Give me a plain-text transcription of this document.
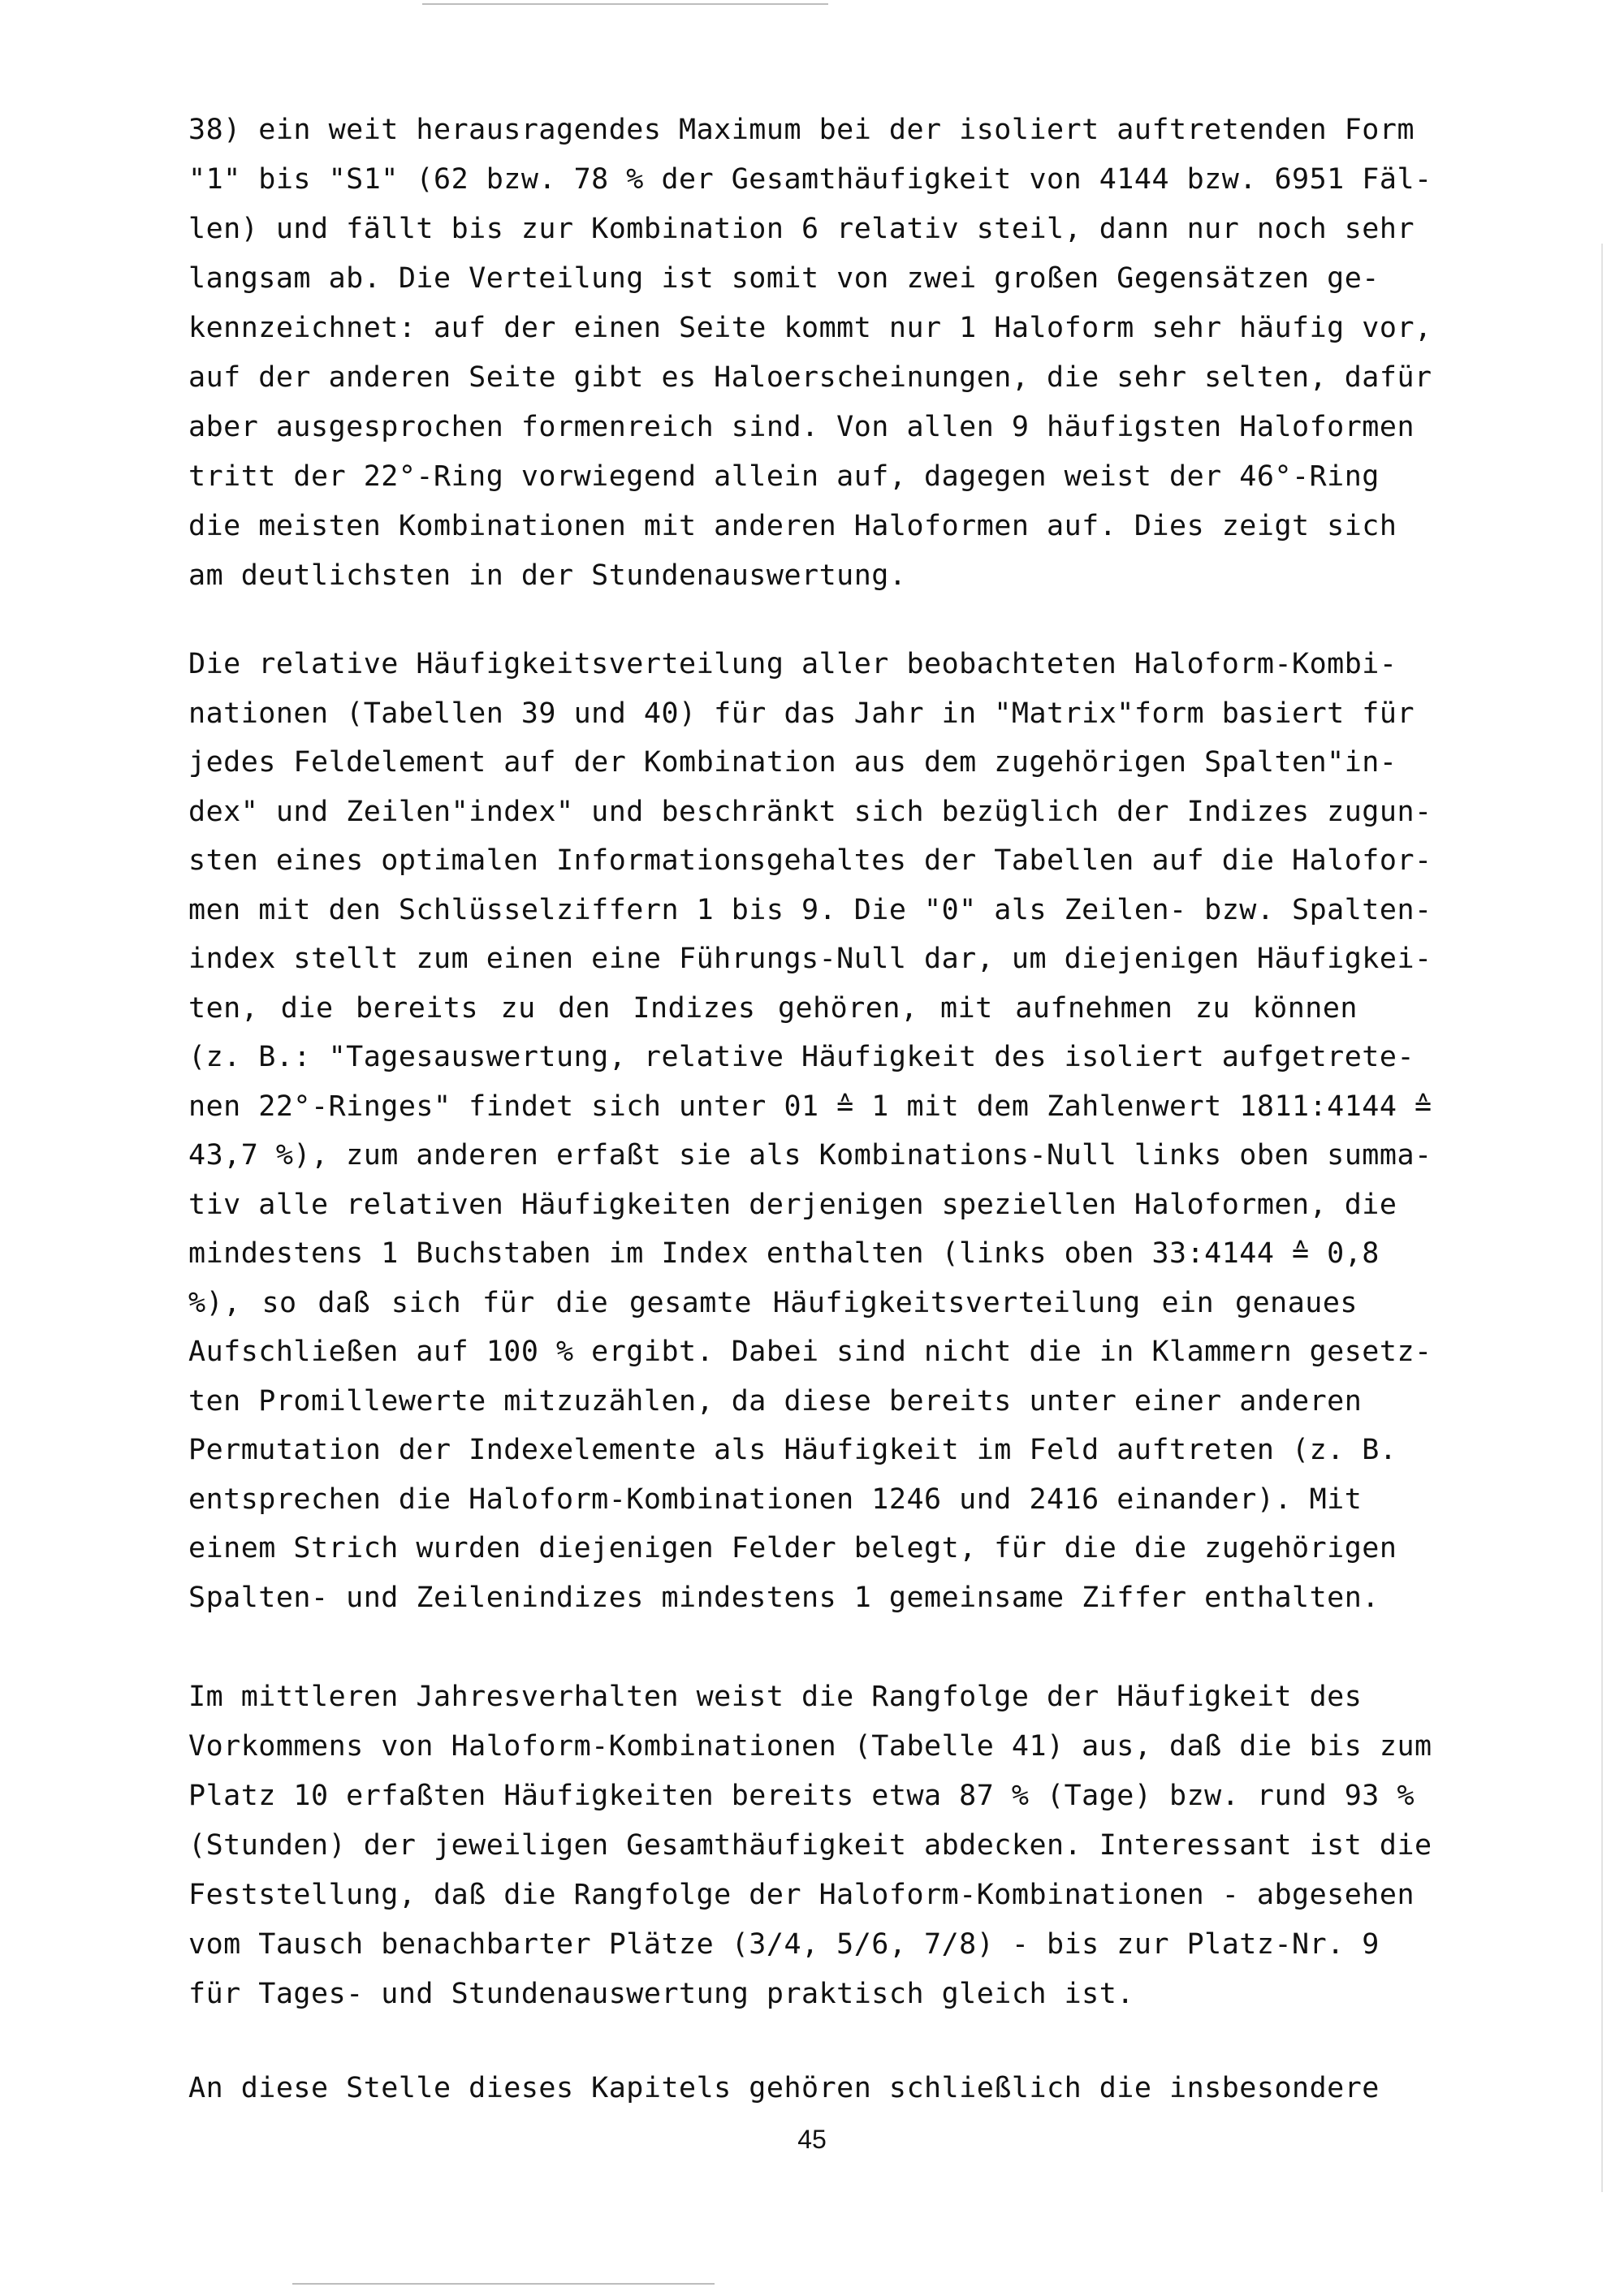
38) ein weit herausragendes Maximum bei der isoliert auftretenden Form
"1" bis "S1" (62 bzw. 78 % der Gesamthäufigkeit von 4144 bzw. 6951 Fäl-
len) und fällt bis zur Kombination 6 relativ steil, dann nur noch sehr
langsam ab. Die Verteilung ist somit von zwei großen Gegensätzen ge-
kennzeichnet: auf der einen Seite kommt nur 1 Haloform sehr häufig vor,
auf der anderen Seite gibt es Haloerscheinungen, die sehr selten, dafür
aber ausgesprochen formenreich sind. Von allen 9 häufigsten Haloformen
tritt der 22°-Ring vorwiegend allein auf, dagegen weist der 46°-Ring
die meisten Kombinationen mit anderen Haloformen auf. Dies zeigt sich
am deutlichsten in der Stundenauswertung.
Die relative Häufigkeitsverteilung aller beobachteten Haloform-Kombi-
nationen (Tabellen 39 und 40) für das Jahr in "Matrix"form basiert für
jedes Feldelement auf der Kombination aus dem zugehörigen Spalten"in-
dex" und Zeilen"index" und beschränkt sich bezüglich der Indizes zugun-
sten eines optimalen Informationsgehaltes der Tabellen auf die Halofor-
men mit den Schlüsselziffern 1 bis 9. Die "0" als Zeilen- bzw. Spalten-
index stellt zum einen eine Führungs-Null dar, um diejenigen Häufigkei-
ten, die bereits zu den Indizes gehören, mit aufnehmen zu können
(z. B.: "Tagesauswertung, relative Häufigkeit des isoliert aufgetrete-
nen 22°-Ringes" findet sich unter 01 ≙ 1 mit dem Zahlenwert 1811:4144 ≙
43,7 %), zum anderen erfaßt sie als Kombinations-Null links oben summa-
tiv alle relativen Häufigkeiten derjenigen speziellen Haloformen, die
mindestens 1 Buchstaben im Index enthalten (links oben 33:4144 ≙ 0,8
%), so daß sich für die gesamte Häufigkeitsverteilung ein genaues
Aufschließen auf 100 % ergibt. Dabei sind nicht die in Klammern gesetz-
ten Promillewerte mitzuzählen, da diese bereits unter einer anderen
Permutation der Indexelemente als Häufigkeit im Feld auftreten (z. B.
entsprechen die Haloform-Kombinationen 1246 und 2416 einander). Mit
einem Strich wurden diejenigen Felder belegt, für die die zugehörigen
Spalten- und Zeilenindizes mindestens 1 gemeinsame Ziffer enthalten.
Im mittleren Jahresverhalten weist die Rangfolge der Häufigkeit des
Vorkommens von Haloform-Kombinationen (Tabelle 41) aus, daß die bis zum
Platz 10 erfaßten Häufigkeiten bereits etwa 87 % (Tage) bzw. rund 93 %
(Stunden) der jeweiligen Gesamthäufigkeit abdecken. Interessant ist die
Feststellung, daß die Rangfolge der Haloform-Kombinationen - abgesehen
vom Tausch benachbarter Plätze (3/4, 5/6, 7/8) - bis zur Platz-Nr. 9
für Tages- und Stundenauswertung praktisch gleich ist.
An diese Stelle dieses Kapitels gehören schließlich die insbesondere
45
